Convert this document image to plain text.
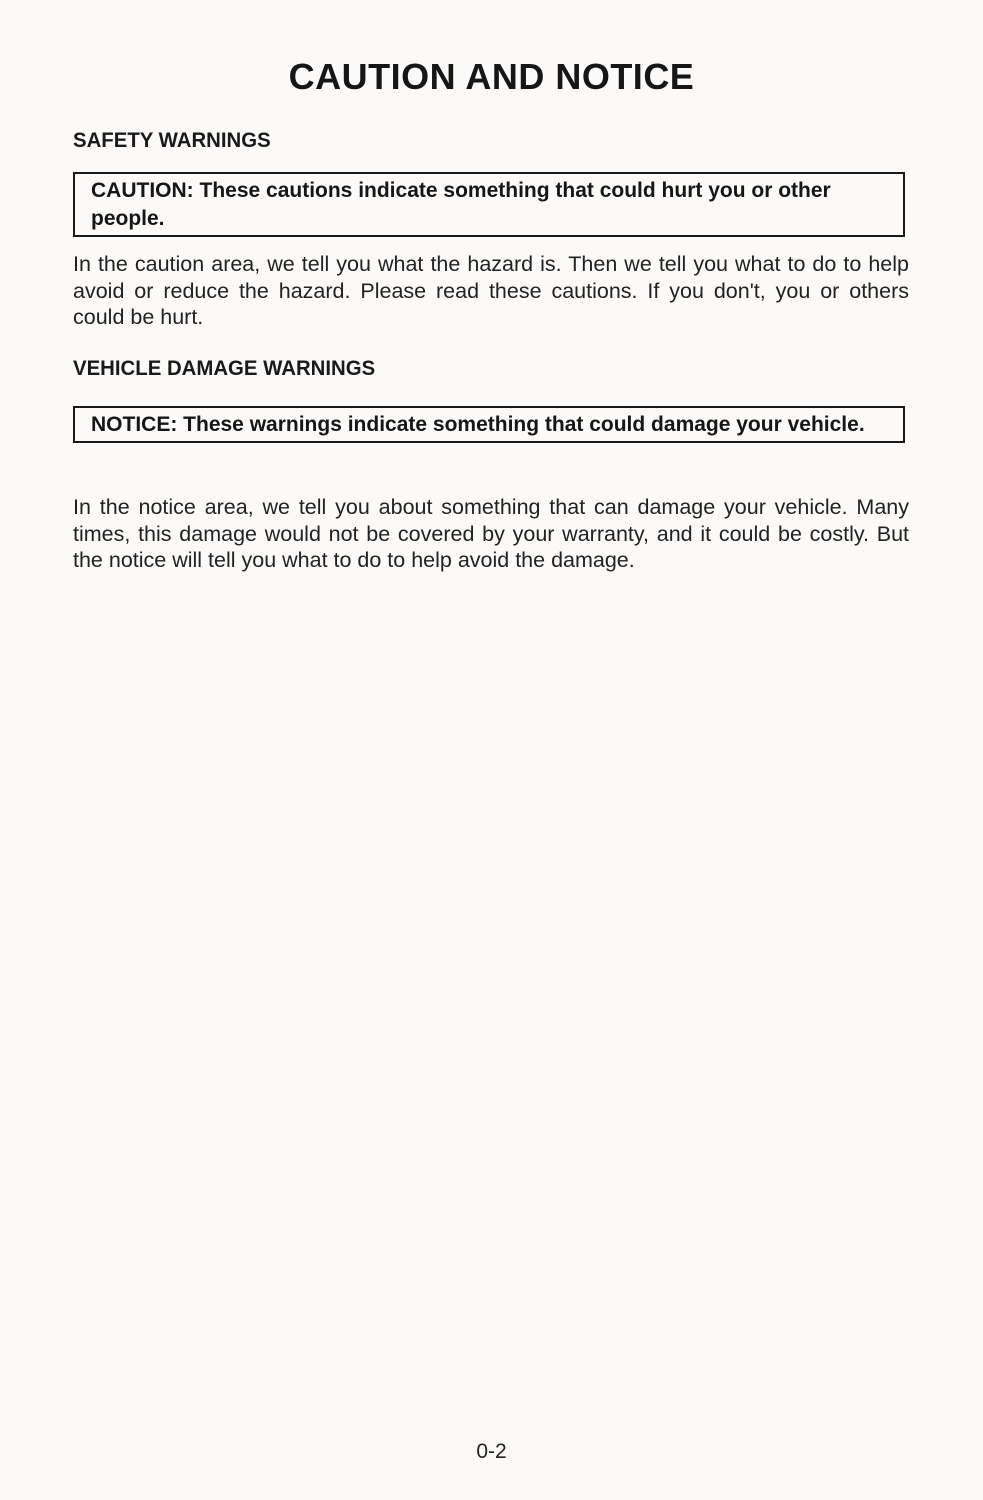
CAUTION AND NOTICE
SAFETY WARNINGS
CAUTION: These cautions indicate something that could hurt you or other people.

In the caution area, we tell you what the hazard is. Then we tell you what to do to help avoid or reduce the hazard. Please read these cautions. If you don't, you or others could be hurt.

VEHICLE DAMAGE WARNINGS
NOTICE: These warnings indicate something that could damage your vehicle.

In the notice area, we tell you about something that can damage your vehicle. Many times, this damage would not be covered by your warranty, and it could be costly. But the notice will tell you what to do to help avoid the damage.

0-2
